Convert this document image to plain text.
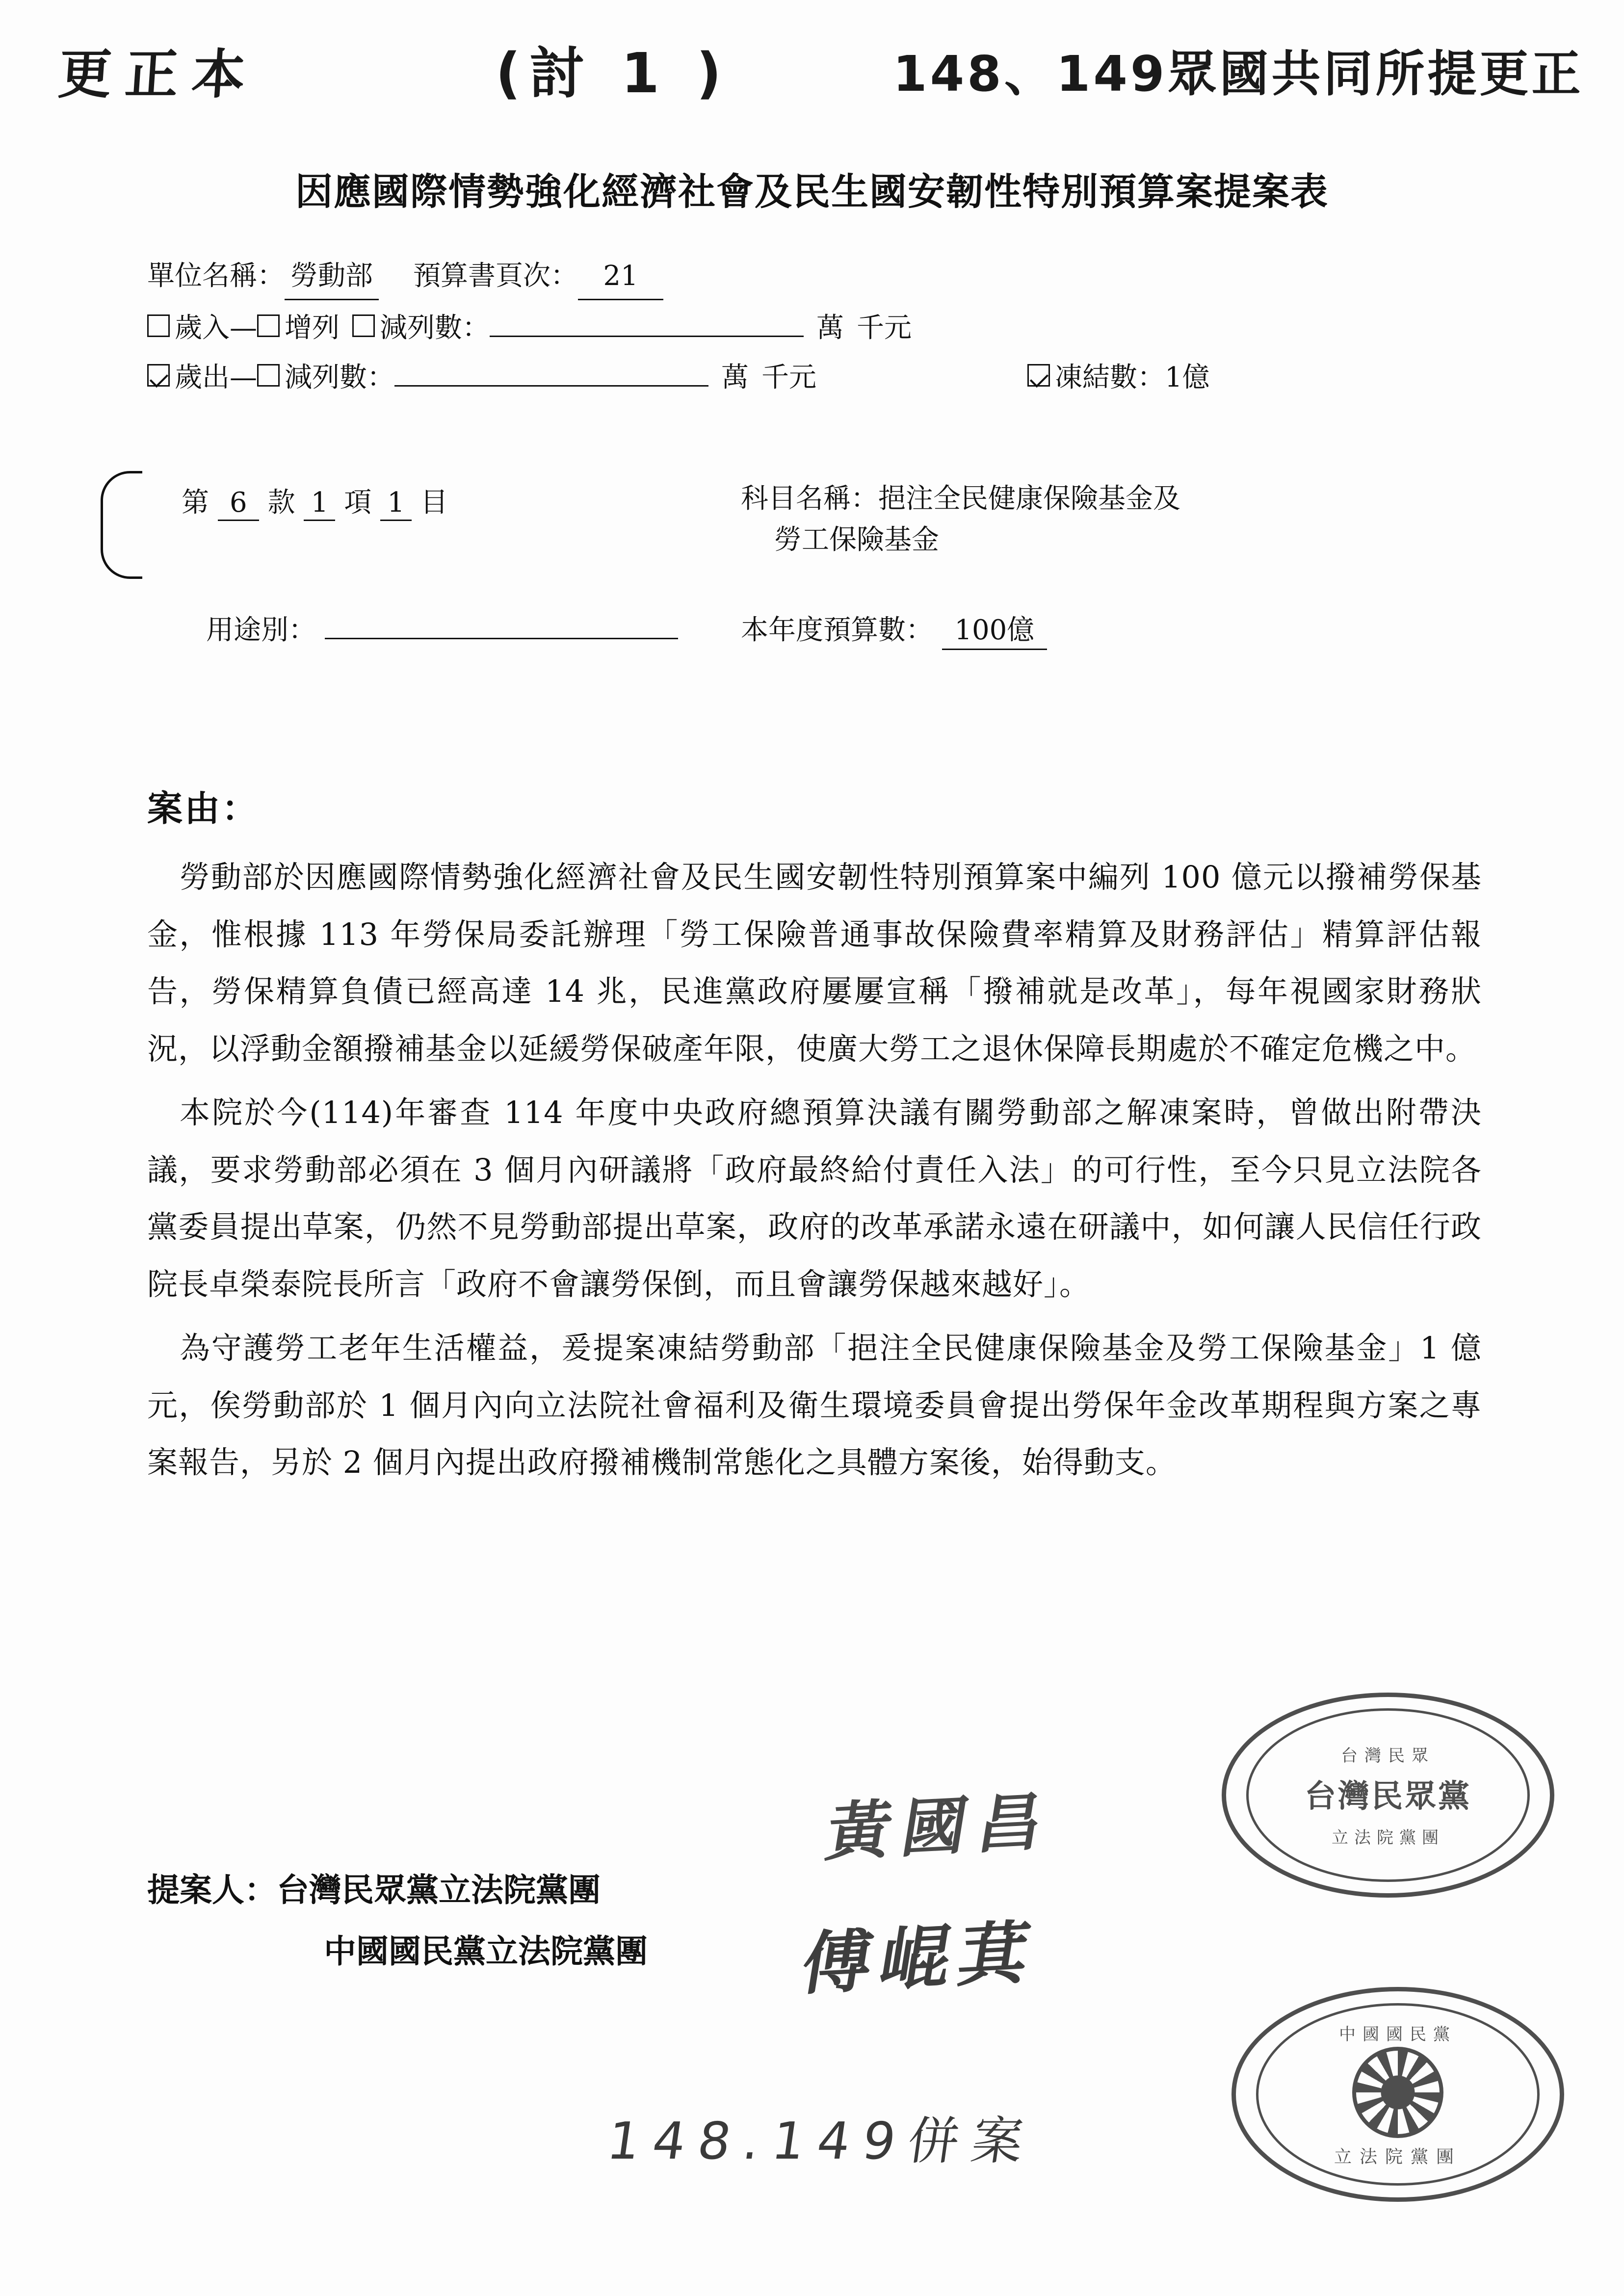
更正本	(討 1 )	148、149眾國共同所提更正
因應國際情勢強化經濟社會及民生國安韌性特別預算案提案表
單位名稱： 勞動部 預算書頁次： 21
歲入— 增列 減列數：	萬 千元
歲出— 減列數：	萬 千元	凍結數： 1億
第 6 款 1 項 1 目	科目名稱：挹注全民健康保險基金及
勞工保險基金
用途別：	本年度預算數： 100億
案由：

勞動部於因應國際情勢強化經濟社會及民生國安韌性特別預算案中編列 100 億元以撥補勞保基金，惟根據 113 年勞保局委託辦理「勞工保險普通事故保險費率精算及財務評估」精算評估報告，勞保精算負債已經高達 14 兆，民進黨政府屢屢宣稱「撥補就是改革」，每年視國家財務狀況，以浮動金額撥補基金以延緩勞保破產年限，使廣大勞工之退休保障長期處於不確定危機之中。

本院於今(114)年審查 114 年度中央政府總預算決議有關勞動部之解凍案時，曾做出附帶決議，要求勞動部必須在 3 個月內研議將「政府最終給付責任入法」的可行性，至今只見立法院各黨委員提出草案，仍然不見勞動部提出草案，政府的改革承諾永遠在研議中，如何讓人民信任行政院長卓榮泰院長所言「政府不會讓勞保倒，而且會讓勞保越來越好」。

為守護勞工老年生活權益，爰提案凍結勞動部「挹注全民健康保險基金及勞工保險基金」1 億元，俟勞動部於 1 個月內向立法院社會福利及衛生環境委員會提出勞保年金改革期程與方案之專案報告，另於 2 個月內提出政府撥補機制常態化之具體方案後，始得動支。

提案人：台灣民眾黨立法院黨團
中國國民黨立法院黨團
黃國昌
傅崐萁
148.149併案
台灣民眾
台灣民眾黨
立法院黨團
中國國民黨
立法院黨團
